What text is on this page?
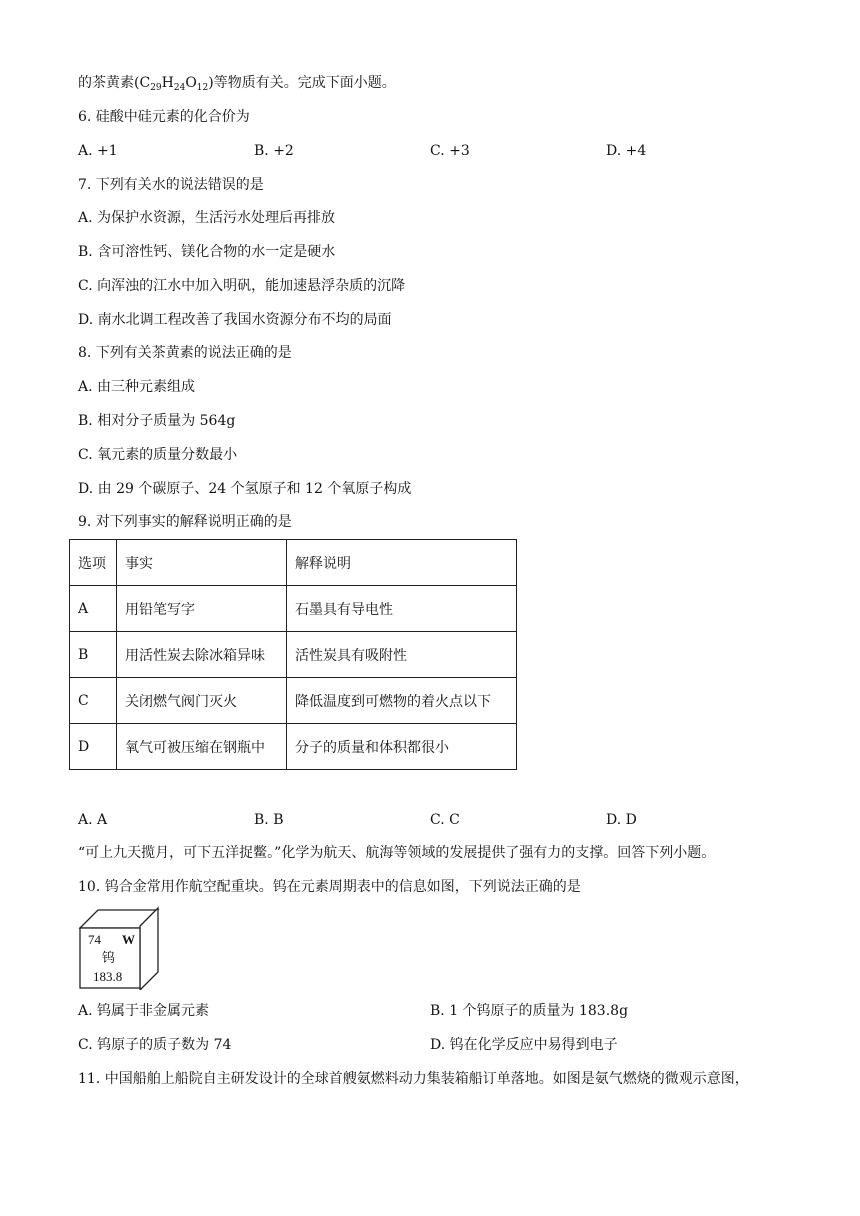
的茶黄素$(C_{29}H_{24}O_{12})$等物质有关。完成下面小题。
6. 硅酸中硅元素的化合价为
A. +1	B. +2	C. +3	D. +4
7. 下列有关水的说法错误的是
A. 为保护水资源，生活污水处理后再排放
B. 含可溶性钙、镁化合物的水一定是硬水
C. 向浑浊的江水中加入明矾，能加速悬浮杂质的沉降
D. 南水北调工程改善了我国水资源分布不均的局面
8. 下列有关茶黄素的说法正确的是
A. 由三种元素组成
B. 相对分子质量为 564g
C. 氧元素的质量分数最小
D. 由 29 个碳原子、24 个氢原子和 12 个氧原子构成
9. 对下列事实的解释说明正确的是
选项	事实	解释说明
A	用铅笔写字	石墨具有导电性
B	用活性炭去除冰箱异味	活性炭具有吸附性
C	关闭燃气阀门灭火	降低温度到可燃物的着火点以下
D	氧气可被压缩在钢瓶中	分子的质量和体积都很小
A. A	B. B	C. C	D. D
“可上九天揽月，可下五洋捉鳖。”化学为航天、航海等领域的发展提供了强有力的支撑。回答下列小题。
10. 钨合金常用作航空配重块。钨在元素周期表中的信息如图，下列说法正确的是
74 W
钨
183.8
A. 钨属于非金属元素	B. 1 个钨原子的质量为 183.8g
C. 钨原子的质子数为 74	D. 钨在化学反应中易得到电子
11. 中国船舶上船院自主研发设计的全球首艘氨燃料动力集装箱船订单落地。如图是氨气燃烧的微观示意图，
